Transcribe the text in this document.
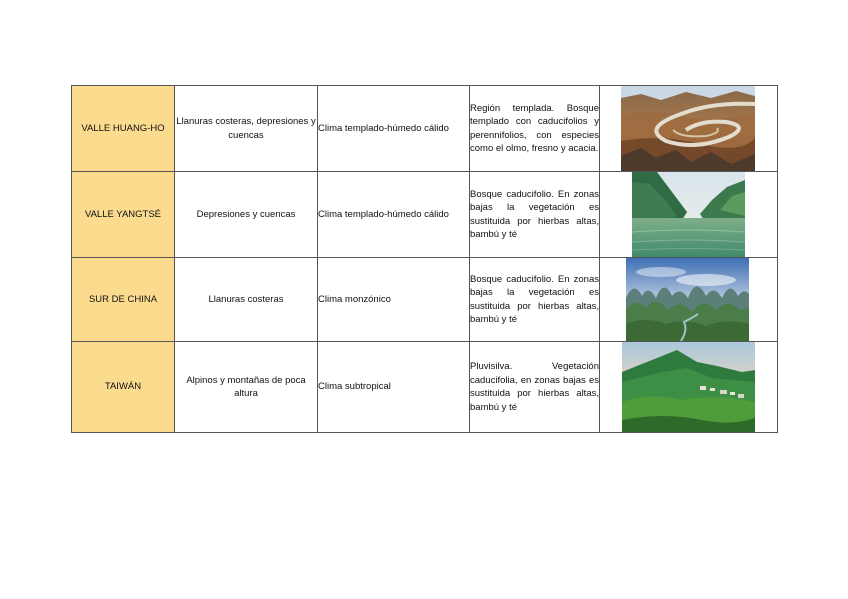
VALLE HUANG-HO	Llanuras costeras, depresiones y cuencas	Clima templado-húmedo cálido	Región templada. Bosque templado con caducifolios y perennifolios, con especies como el olmo, fresno y acacia.	

VALLE YANGTSÉ	Depresiones y cuencas	Clima templado-húmedo cálido	Bosque caducifolio. En zonas bajas la vegetación es sustituida por hierbas altas, bambú y té	

SUR DE CHINA	Llanuras costeras	Clima monzónico	Bosque caducifolio. En zonas bajas la vegetación es sustituida por hierbas altas, bambú y té	

TAIWÁN	Alpinos y montañas de poca altura	Clima subtropical	Pluvisilva. Vegetación caducifolia, en zonas bajas es sustituida por hierbas altas, bambú y té	
